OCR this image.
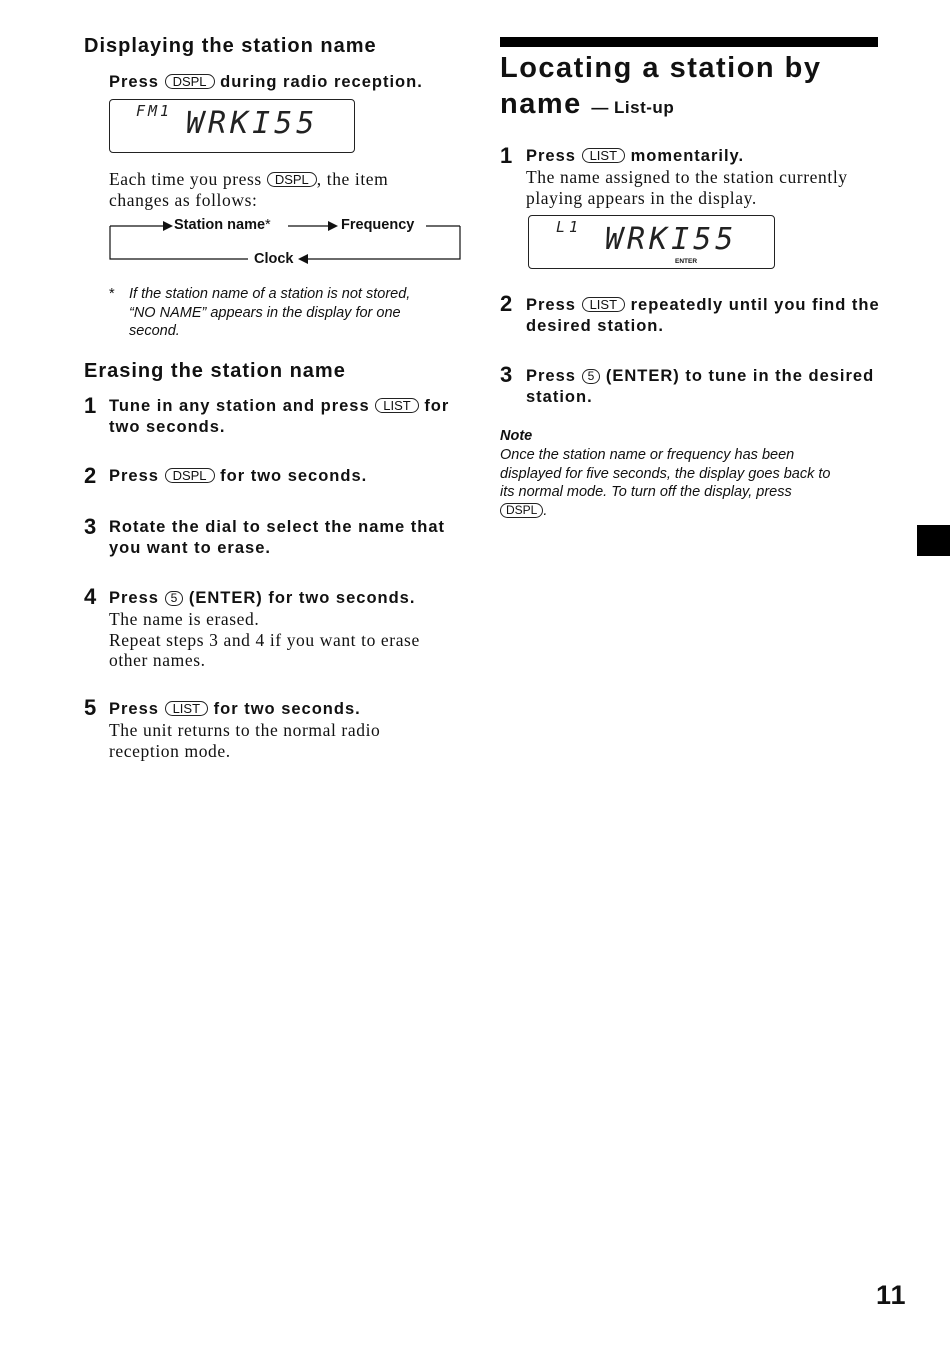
Displaying the station name
Press DSPL during radio reception.
FM1 WRKI55
Each time you press DSPL , the item
changes as follows:
Station name*	Frequency
Clock
* If the station name of a station is not stored,
“NO NAME” appears in the display for one
second.
Erasing the station name
1 Tune in any station and press LIST for
two seconds.
2 Press DSPL for two seconds.
3 Rotate the dial to select the name that
you want to erase.
4 Press 5 (ENTER) for two seconds.
The name is erased.
Repeat steps 3 and 4 if you want to erase
other names.
5 Press LIST for two seconds.
The unit returns to the normal radio
reception mode.
Locating a station by
name — List-up
1 Press LIST momentarily.
The name assigned to the station currently
playing appears in the display.
L1 WRKI55
ENTER
2 Press LIST repeatedly until you find the
desired station.
3 Press 5 (ENTER) to tune in the desired
station.
Note
Once the station name or frequency has been
displayed for five seconds, the display goes back to
its normal mode. To turn off the display, press
DSPL .
11
